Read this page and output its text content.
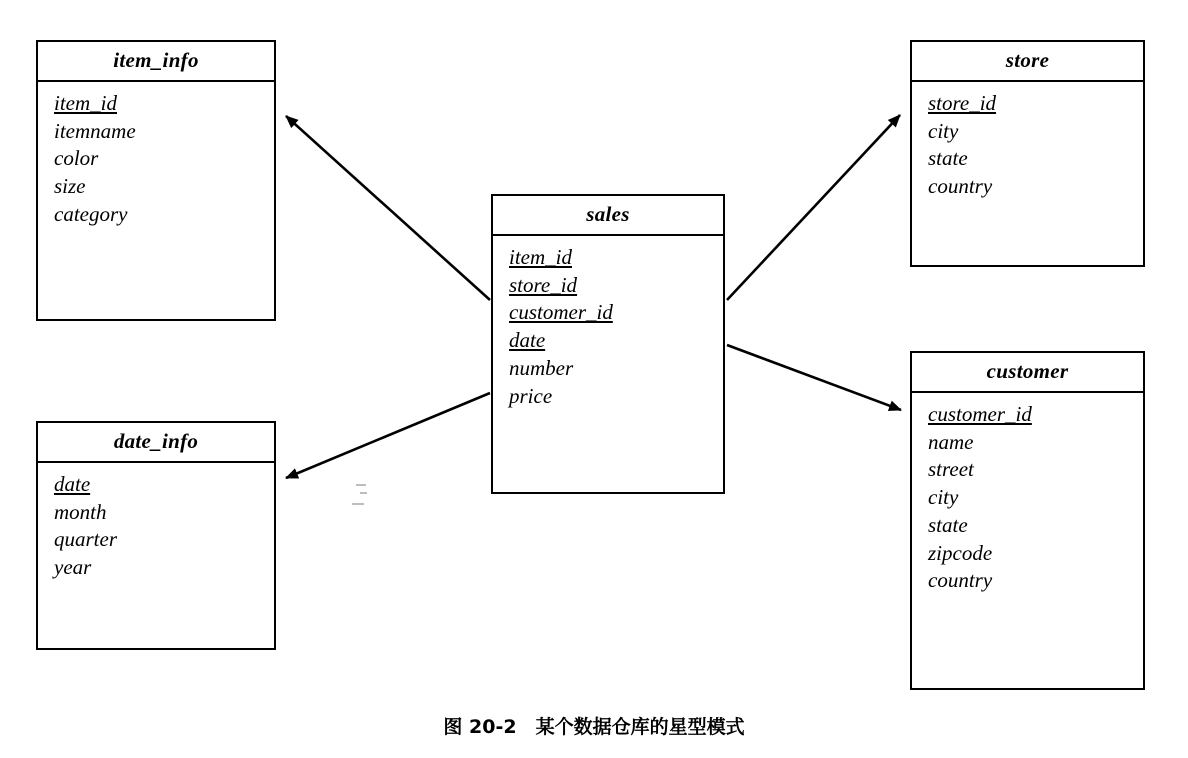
item_info
item_id
itemname
color
size
category
store
store_id
city
state
country
sales
item_id
store_id
customer_id
date
number
price
date_info
date
month
quarter
year
customer
customer_id
name
street
city
state
zipcode
country
图 20-2　某个数据仓库的星型模式
